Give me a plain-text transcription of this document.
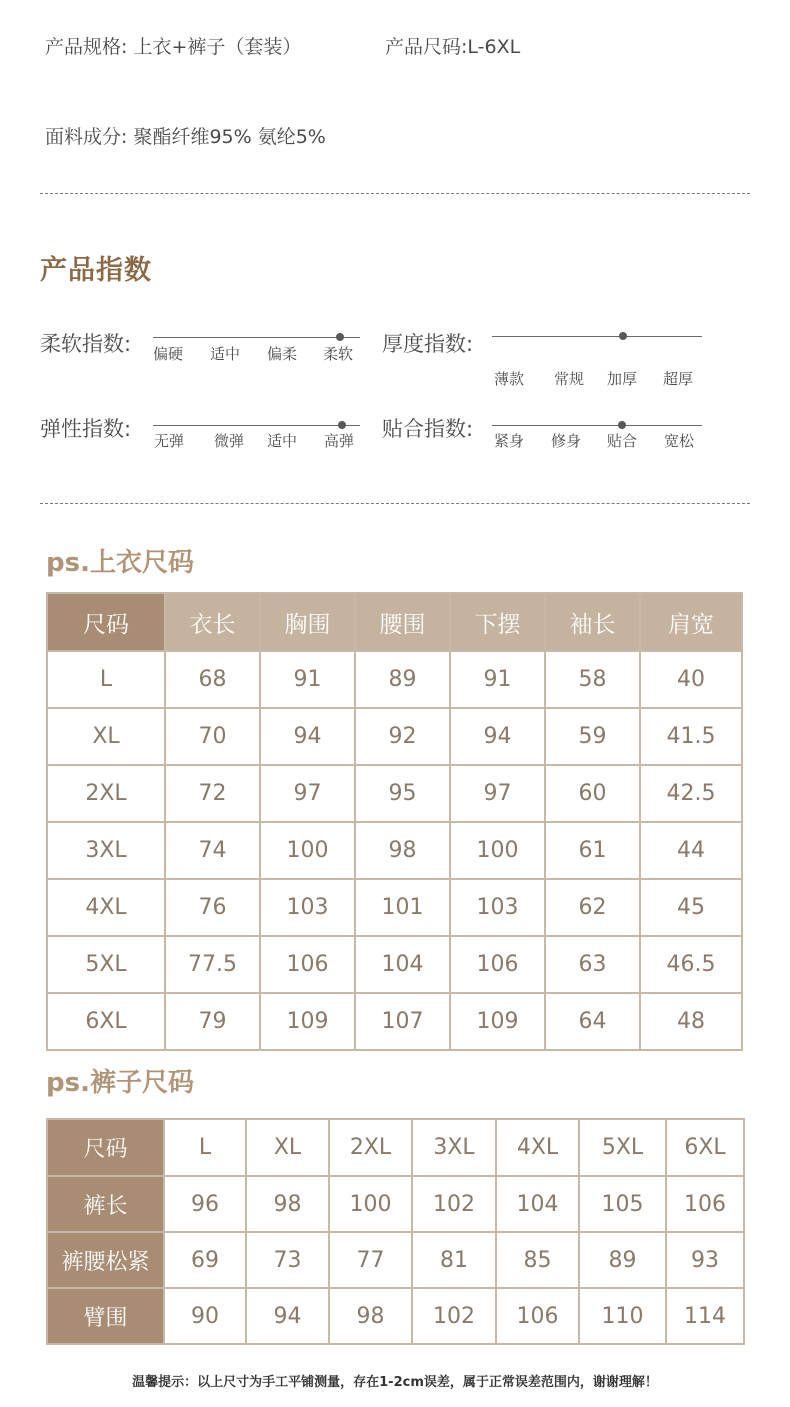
产品规格: 上衣+裤子（套装）	产品尺码:L-6XL
面料成分: 聚酯纤维95% 氨纶5%
产品指数
柔软指数: 偏硬 适中 偏柔 柔软 厚度指数:
薄款 常规 加厚 超厚
弹性指数: 无弹 微弹 适中 高弹 贴合指数: 紧身 修身 贴合 宽松
ps.上衣尺码
尺码	衣长	胸围	腰围	下摆	袖长	肩宽
L	68	91	89	91	58	40
XL	70	94	92	94	59	41.5
2XL	72	97	95	97	60	42.5
3XL	74	100	98	100	61	44
4XL	76	103	101	103	62	45
5XL	77.5	106	104	106	63	46.5
6XL	79	109	107	109	64	48
ps.裤子尺码
尺码	L	XL	2XL	3XL	4XL	5XL	6XL
裤长	96	98	100	102	104	105	106
裤腰松紧	69	73	77	81	85	89	93
臂围	90	94	98	102	106	110	114
温馨提示：以上尺寸为手工平铺测量，存在1-2cm误差，属于正常误差范围内，谢谢理解！
